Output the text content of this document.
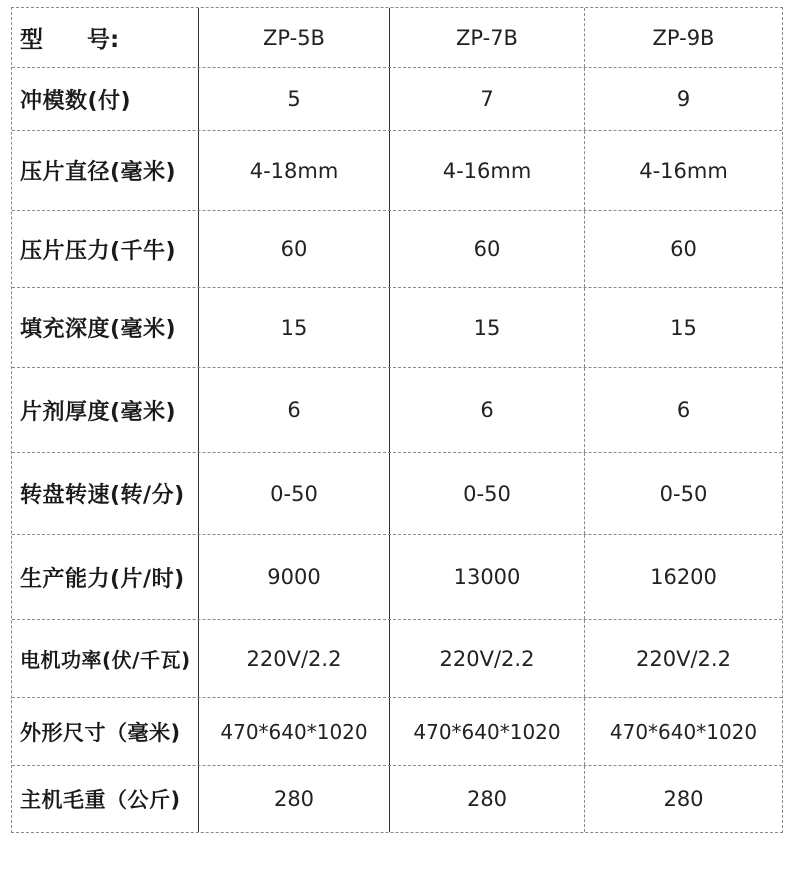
型 号:	ZP-5B	ZP-7B	ZP-9B
冲模数(付)	5	7	9
压片直径(毫米)	4-18mm	4-16mm	4-16mm
压片压力(千牛)	60	60	60
填充深度(毫米)	15	15	15
片剂厚度(毫米)	6	6	6
转盘转速(转/分)	0-50	0-50	0-50
生产能力(片/时)	9000	13000	16200
电机功率(伏/千瓦)	220V/2.2	220V/2.2	220V/2.2
外形尺寸（毫米)	470*640*1020	470*640*1020	470*640*1020
主机毛重（公斤)	280	280	280
